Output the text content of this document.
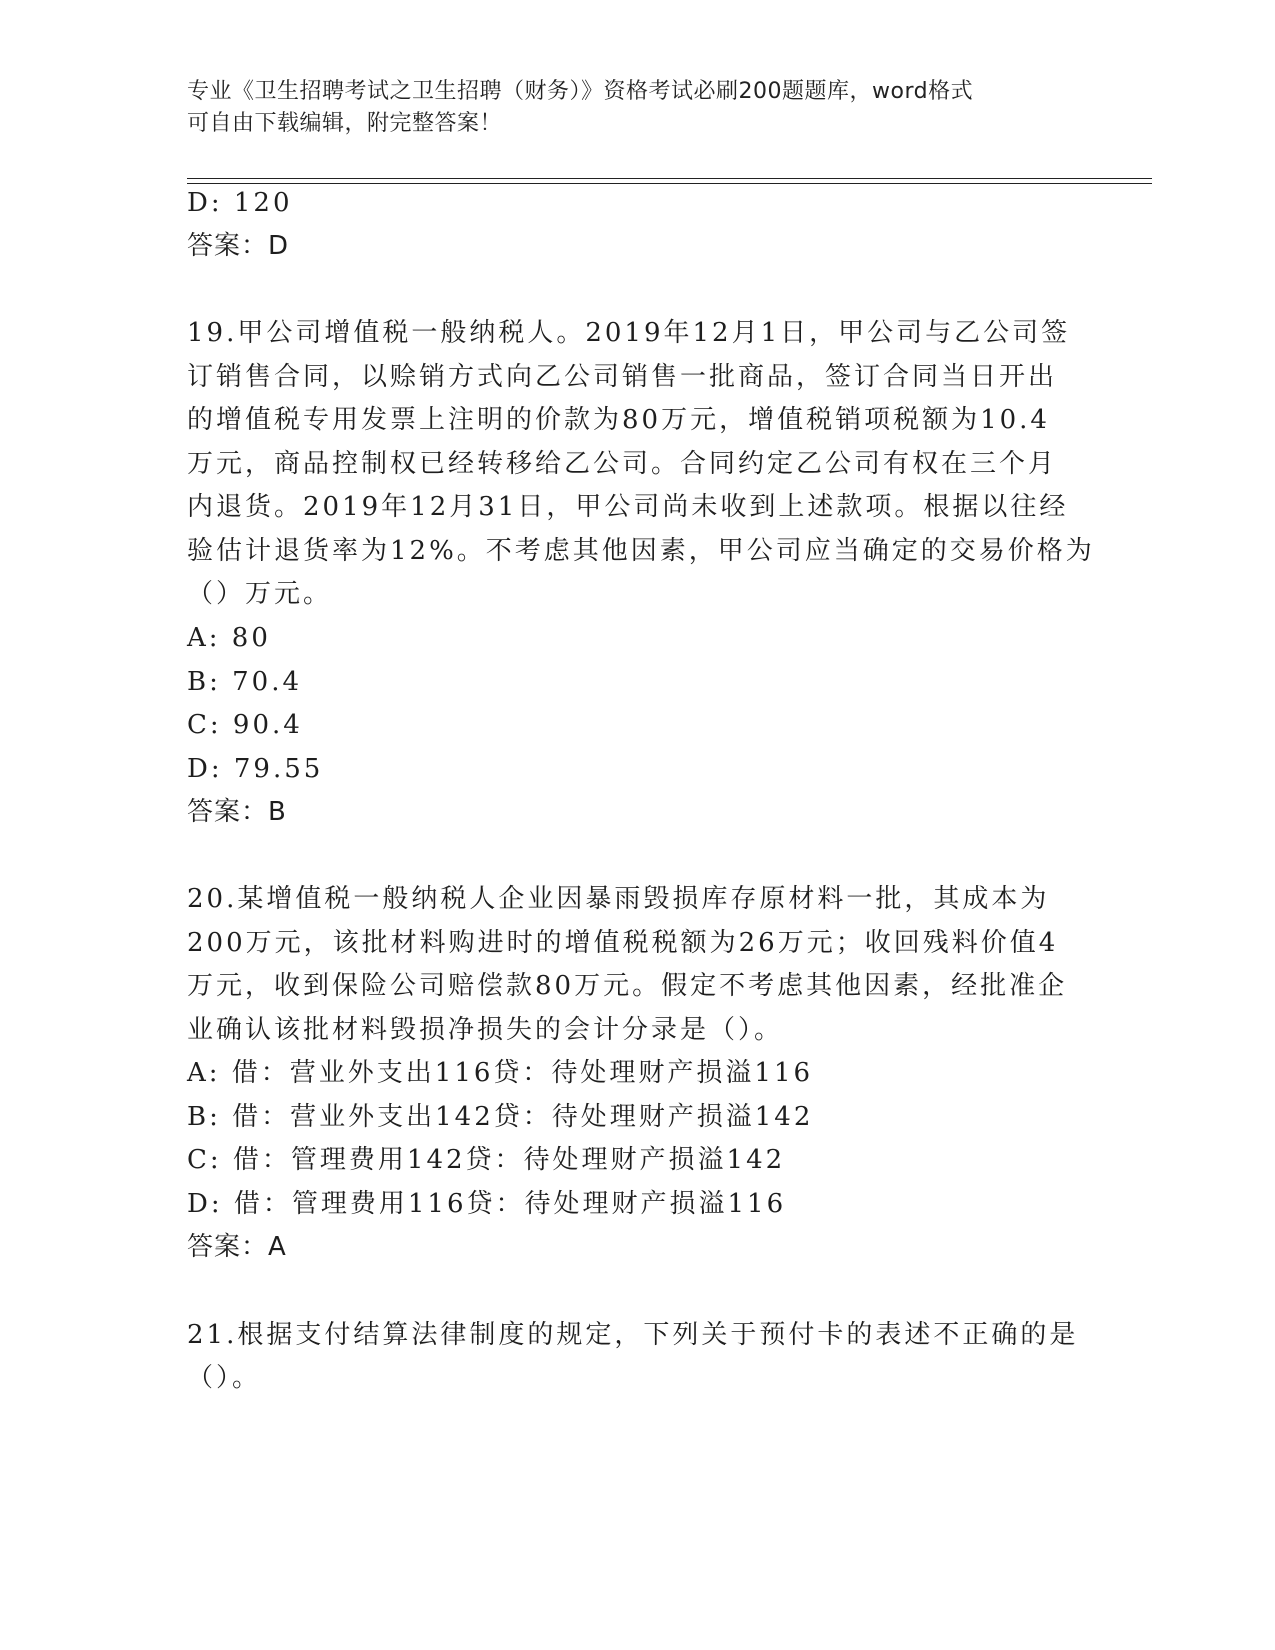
专业《卫生招聘考试之卫生招聘（财务）》资格考试必刷200题题库，word格式
可自由下载编辑，附完整答案！
D: 120
答案：D
19.甲公司增值税一般纳税人。2019年12月1日，甲公司与乙公司签
订销售合同，以赊销方式向乙公司销售一批商品，签订合同当日开出
的增值税专用发票上注明的价款为80万元，增值税销项税额为10.4
万元，商品控制权已经转移给乙公司。合同约定乙公司有权在三个月
内退货。2019年12月31日，甲公司尚未收到上述款项。根据以往经
验估计退货率为12%。不考虑其他因素，甲公司应当确定的交易价格为
（）万元。
A: 80
B: 70.4
C: 90.4
D: 79.55
答案：B
20.某增值税一般纳税人企业因暴雨毁损库存原材料一批，其成本为
200万元，该批材料购进时的增值税税额为26万元；收回残料价值4
万元，收到保险公司赔偿款80万元。假定不考虑其他因素，经批准企
业确认该批材料毁损净损失的会计分录是（）。
A: 借：营业外支出116贷：待处理财产损溢116
B: 借：营业外支出142贷：待处理财产损溢142
C: 借：管理费用142贷：待处理财产损溢142
D: 借：管理费用116贷：待处理财产损溢116
答案：A
21.根据支付结算法律制度的规定，下列关于预付卡的表述不正确的是
（）。
